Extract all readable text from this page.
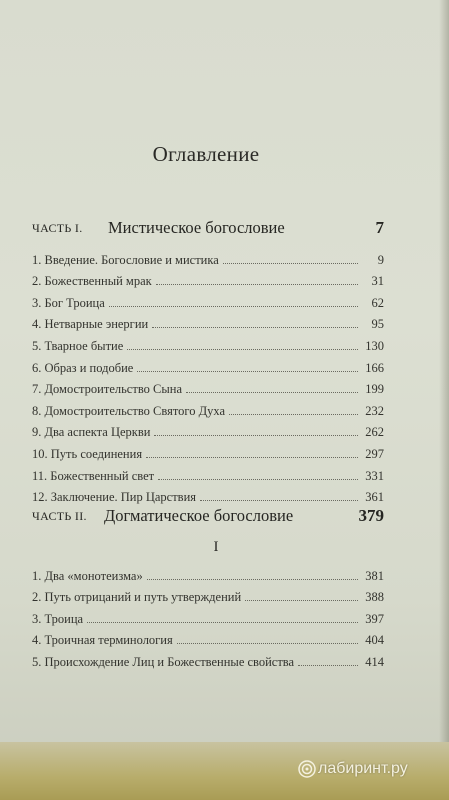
Оглавление
ЧАСТЬ I. Мистическое богословие	7
1. Введение. Богословие и мистика	9
2. Божественный мрак	31
3. Бог Троица	62
4. Нетварные энергии	95
5. Тварное бытие	130
6. Образ и подобие	166
7. Домостроительство Сына	199
8. Домостроительство Святого Духа	232
9. Два аспекта Церкви	262
10. Путь соединения	297
11. Божественный свет	331
12. Заключение. Пир Царствия	361
ЧАСТЬ II. Догматическое богословие	379
I
1. Два «монотеизма»	381
2. Путь отрицаний и путь утверждений	388
3. Троица	397
4. Троичная терминология	404
5. Происхождение Лиц и Божественные свойства	414
лабиринт.ру
